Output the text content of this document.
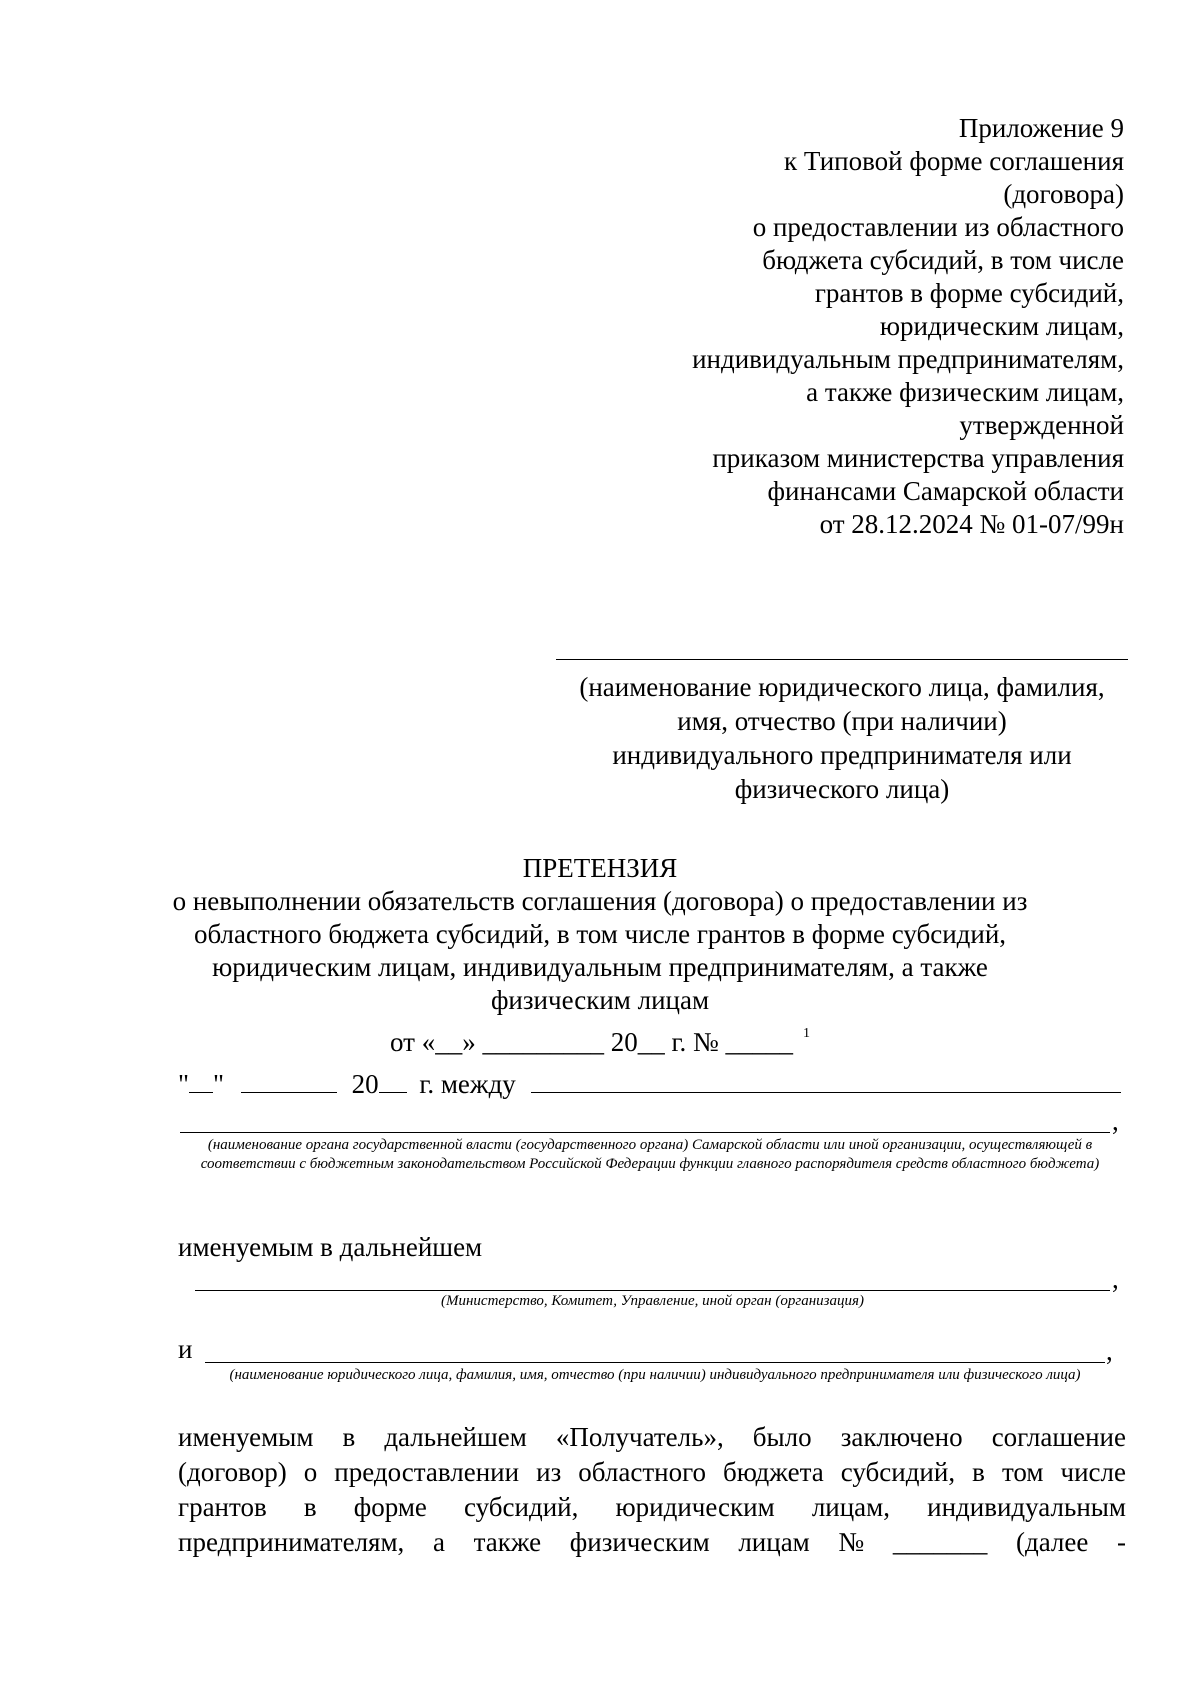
Приложение 9
к Типовой форме соглашения
(договора)
о предоставлении из областного
бюджета субсидий, в том числе
грантов в форме субсидий,
юридическим лицам,
индивидуальным предпринимателям,
а также физическим лицам,
утвержденной
приказом министерства управления
финансами Самарской области
от 28.12.2024 № 01-07/99н
(наименование юридического лица, фамилия,
имя, отчество (при наличии)
индивидуального предпринимателя или
физического лица)
ПРЕТЕНЗИЯ
о невыполнении обязательств соглашения (договора) о предоставлении из
областного бюджета субсидий, в том числе грантов в форме субсидий,
юридическим лицам, индивидуальным предпринимателям, а также
физическим лицам
от «__» _________ 20__ г. № _____ $^1$
" "	20 г. между
,
(наименование органа государственной власти (государственного органа) Самарской области или иной организации, осуществляющей в соответствии с бюджетным законодательством Российской Федерации функции главного распорядителя средств областного бюджета)
именуемым в дальнейшем
,
(Министерство, Комитет, Управление, иной орган (организация)
и	,
(наименование юридического лица, фамилия, имя, отчество (при наличии) индивидуального предпринимателя или физического лица)
именуемым в дальнейшем «Получатель», было заключено соглашение
(договор) о предоставлении из областного бюджета субсидий, в том числе
грантов в форме субсидий, юридическим лицам, индивидуальным
предпринимателям, а также физическим лицам № _______ (далее -
